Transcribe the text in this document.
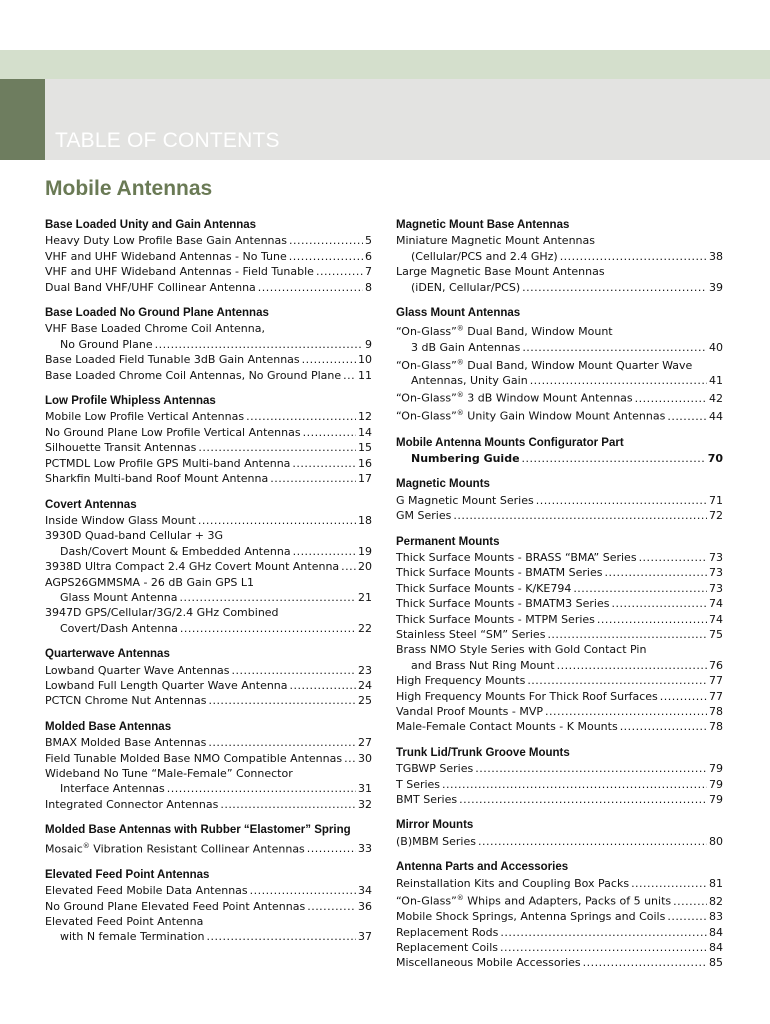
TABLE OF CONTENTS
Mobile Antennas
Base Loaded Unity and Gain Antennas
Heavy Duty Low Profile Base Gain Antennas . . .	5
VHF and UHF Wideband Antennas - No Tune . . .	6
VHF and UHF Wideband Antennas - Field Tunable . . .	7
Dual Band VHF/UHF Collinear Antenna . . .	8
Base Loaded No Ground Plane Antennas
VHF Base Loaded Chrome Coil Antenna,
No Ground Plane . . .	9
Base Loaded Field Tunable 3dB Gain Antennas . . .	10
Base Loaded Chrome Coil Antennas, No Ground Plane . . . 11
Low Profile Whipless Antennas
Mobile Low Profile Vertical Antennas . . .	12
No Ground Plane Low Profile Vertical Antennas . . .	14
Silhouette Transit Antennas . . .	15
PCTMDL Low Profile GPS Multi-band Antenna . . .	16
Sharkfin Multi-band Roof Mount Antenna . . .	17
Covert Antennas
Inside Window Glass Mount . . .	18
3930D Quad-band Cellular + 3G
Dash/Covert Mount & Embedded Antenna . . .	19
3938D Ultra Compact 2.4 GHz Covert Mount Antenna . . . 20
AGPS26GMMSMA - 26 dB Gain GPS L1
Glass Mount Antenna . . .	21
3947D GPS/Cellular/3G/2.4 GHz Combined
Covert/Dash Antenna . . .	22
Quarterwave Antennas
Lowband Quarter Wave Antennas . . .	23
Lowband Full Length Quarter Wave Antenna . . .	24
PCTCN Chrome Nut Antennas . . .	25
Molded Base Antennas
BMAX Molded Base Antennas . . .	27
Field Tunable Molded Base NMO Compatible Antennas . . . 30
Wideband No Tune “Male-Female” Connector
Interface Antennas . . .	31
Integrated Connector Antennas . . .	32
Molded Base Antennas with Rubber “Elastomer” Spring
Mosaic® Vibration Resistant Collinear Antennas . . .	33
Elevated Feed Point Antennas
Elevated Feed Mobile Data Antennas . . .	34
No Ground Plane Elevated Feed Point Antennas . . .	36
Elevated Feed Point Antenna
with N female Termination . . .	37
Magnetic Mount Base Antennas
Miniature Magnetic Mount Antennas
(Cellular/PCS and 2.4 GHz) . . .	38
Large Magnetic Base Mount Antennas
(iDEN, Cellular/PCS) . . .	39
Glass Mount Antennas
“On-Glass”® Dual Band, Window Mount
3 dB Gain Antennas . . .	40
“On-Glass”® Dual Band, Window Mount Quarter Wave
Antennas, Unity Gain . . .	41
“On-Glass”® 3 dB Window Mount Antennas . . .	42
“On-Glass”® Unity Gain Window Mount Antennas . . .	44
Mobile Antenna Mounts Configurator Part
Numbering Guide . . .	70
Magnetic Mounts
G Magnetic Mount Series . . .	71
GM Series . . .	72
Permanent Mounts
Thick Surface Mounts - BRASS “BMA” Series . . .	73
Thick Surface Mounts - BMATM Series . . .	73
Thick Surface Mounts - K/KE794 . . .	73
Thick Surface Mounts - BMATM3 Series . . .	74
Thick Surface Mounts - MTPM Series . . .	74
Stainless Steel “SM” Series . . .	75
Brass NMO Style Series with Gold Contact Pin
and Brass Nut Ring Mount . . .	76
High Frequency Mounts . . .	77
High Frequency Mounts For Thick Roof Surfaces . . .	77
Vandal Proof Mounts - MVP . . .	78
Male-Female Contact Mounts - K Mounts . . .	78
Trunk Lid/Trunk Groove Mounts
TGBWP Series . . .	79
T Series . . .	79
BMT Series . . .	79
Mirror Mounts
(B)MBM Series . . .	80
Antenna Parts and Accessories
Reinstallation Kits and Coupling Box Packs . . .	81
“On-Glass”® Whips and Adapters, Packs of 5 units . . .	82
Mobile Shock Springs, Antenna Springs and Coils . . .	83
Replacement Rods . . .	84
Replacement Coils . . .	84
Miscellaneous Mobile Accessories . . .	85
